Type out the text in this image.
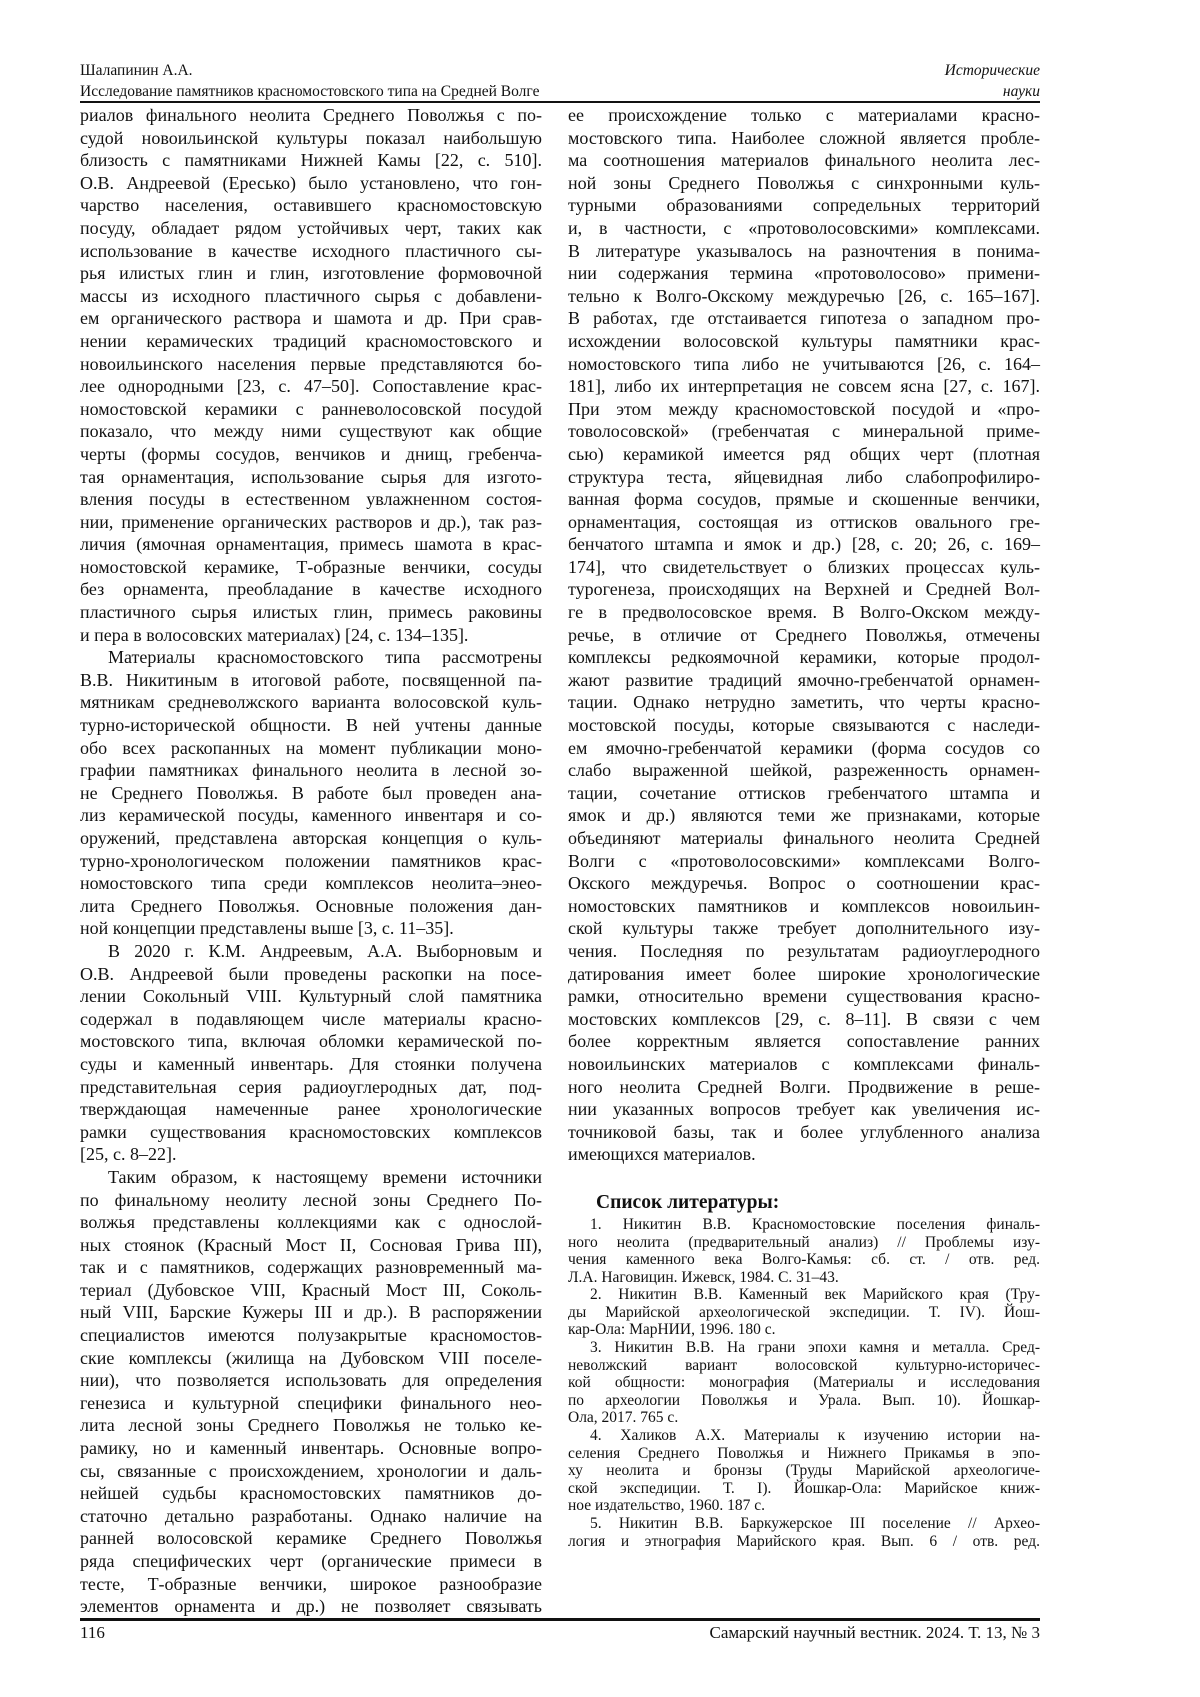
Шалапинин А.А.
Исследование памятников красномостовского типа на Средней Волге
Исторические
науки
риалов финального неолита Среднего Поволжья с по-
судой новоильинской культуры показал наибольшую
близость с памятниками Нижней Камы [22, с. 510].
О.В. Андреевой (Ересько) было установлено, что гон-
чарство населения, оставившего красномостовскую
посуду, обладает рядом устойчивых черт, таких как
использование в качестве исходного пластичного сы-
рья илистых глин и глин, изготовление формовочной
массы из исходного пластичного сырья с добавлени-
ем органического раствора и шамота и др. При срав-
нении керамических традиций красномостовского и
новоильинского населения первые представляются бо-
лее однородными [23, с. 47–50]. Сопоставление крас-
номостовской керамики с ранневолосовской посудой
показало, что между ними существуют как общие
черты (формы сосудов, венчиков и днищ, гребенча-
тая орнаментация, использование сырья для изгото-
вления посуды в естественном увлажненном состоя-
нии, применение органических растворов и др.), так раз-
личия (ямочная орнаментация, примесь шамота в крас-
номостовской керамике, Т-образные венчики, сосуды
без орнамента, преобладание в качестве исходного
пластичного сырья илистых глин, примесь раковины
и пера в волосовских материалах) [24, с. 134–135].
Материалы красномостовского типа рассмотрены
В.В. Никитиным в итоговой работе, посвященной па-
мятникам средневолжского варианта волосовской куль-
турно-исторической общности. В ней учтены данные
обо всех раскопанных на момент публикации моно-
графии памятниках финального неолита в лесной зо-
не Среднего Поволжья. В работе был проведен ана-
лиз керамической посуды, каменного инвентаря и со-
оружений, представлена авторская концепция о куль-
турно-хронологическом положении памятников крас-
номостовского типа среди комплексов неолита–энео-
лита Среднего Поволжья. Основные положения дан-
ной концепции представлены выше [3, с. 11–35].
В 2020 г. К.М. Андреевым, А.А. Выборновым и
О.В. Андреевой были проведены раскопки на посе-
лении Сокольный VIII. Культурный слой памятника
содержал в подавляющем числе материалы красно-
мостовского типа, включая обломки керамической по-
суды и каменный инвентарь. Для стоянки получена
представительная серия радиоуглеродных дат, под-
тверждающая намеченные ранее хронологические
рамки существования красномостовских комплексов
[25, с. 8–22].
Таким образом, к настоящему времени источники
по финальному неолиту лесной зоны Среднего По-
волжья представлены коллекциями как с однослой-
ных стоянок (Красный Мост II, Сосновая Грива III),
так и с памятников, содержащих разновременный ма-
териал (Дубовское VIII, Красный Мост III, Соколь-
ный VIII, Барские Кужеры III и др.). В распоряжении
специалистов имеются полузакрытые красномостов-
ские комплексы (жилища на Дубовском VIII поселе-
нии), что позволяется использовать для определения
генезиса и культурной специфики финального нео-
лита лесной зоны Среднего Поволжья не только ке-
рамику, но и каменный инвентарь. Основные вопро-
сы, связанные с происхождением, хронологии и даль-
нейшей судьбы красномостовских памятников до-
статочно детально разработаны. Однако наличие на
ранней волосовской керамике Среднего Поволжья
ряда специфических черт (органические примеси в
тесте, Т-образные венчики, широкое разнообразие
элементов орнамента и др.) не позволяет связывать
ее происхождение только с материалами красно-
мостовского типа. Наиболее сложной является пробле-
ма соотношения материалов финального неолита лес-
ной зоны Среднего Поволжья с синхронными куль-
турными образованиями сопредельных территорий
и, в частности, с «протоволосовскими» комплексами.
В литературе указывалось на разночтения в понима-
нии содержания термина «протоволосово» примени-
тельно к Волго-Окскому междуречью [26, с. 165–167].
В работах, где отстаивается гипотеза о западном про-
исхождении волосовской культуры памятники крас-
номостовского типа либо не учитываются [26, с. 164–
181], либо их интерпретация не совсем ясна [27, с. 167].
При этом между красномостовской посудой и «про-
товолосовской» (гребенчатая с минеральной приме-
сью) керамикой имеется ряд общих черт (плотная
структура теста, яйцевидная либо слабопрофилиро-
ванная форма сосудов, прямые и скошенные венчики,
орнаментация, состоящая из оттисков овального гре-
бенчатого штампа и ямок и др.) [28, с. 20; 26, с. 169–
174], что свидетельствует о близких процессах куль-
турогенеза, происходящих на Верхней и Средней Вол-
ге в предволосовское время. В Волго-Окском между-
речье, в отличие от Среднего Поволжья, отмечены
комплексы редкоямочной керамики, которые продол-
жают развитие традиций ямочно-гребенчатой орнамен-
тации. Однако нетрудно заметить, что черты красно-
мостовской посуды, которые связываются с наследи-
ем ямочно-гребенчатой керамики (форма сосудов со
слабо выраженной шейкой, разреженность орнамен-
тации, сочетание оттисков гребенчатого штампа и
ямок и др.) являются теми же признаками, которые
объединяют материалы финального неолита Средней
Волги с «протоволосовскими» комплексами Волго-
Окского междуречья. Вопрос о соотношении крас-
номостовских памятников и комплексов новоильин-
ской культуры также требует дополнительного изу-
чения. Последняя по результатам радиоуглеродного
датирования имеет более широкие хронологические
рамки, относительно времени существования красно-
мостовских комплексов [29, с. 8–11]. В связи с чем
более корректным является сопоставление ранних
новоильинских материалов с комплексами финаль-
ного неолита Средней Волги. Продвижение в реше-
нии указанных вопросов требует как увеличения ис-
точниковой базы, так и более углубленного анализа
имеющихся материалов.
Список литературы:
1. Никитин В.В. Красномостовские поселения финаль-
ного неолита (предварительный анализ) // Проблемы изу-
чения каменного века Волго-Камья: сб. ст. / отв. ред.
Л.А. Наговицин. Ижевск, 1984. С. 31–43.
2. Никитин В.В. Каменный век Марийского края (Тру-
ды Марийской археологической экспедиции. Т. IV). Йош-
кар-Ола: МарНИИ, 1996. 180 с.
3. Никитин В.В. На грани эпохи камня и металла. Сред-
неволжский вариант волосовской культурно-историчес-
кой общности: монография (Материалы и исследования
по археологии Поволжья и Урала. Вып. 10). Йошкар-
Ола, 2017. 765 с.
4. Халиков А.Х. Материалы к изучению истории на-
селения Среднего Поволжья и Нижнего Прикамья в эпо-
ху неолита и бронзы (Труды Марийской археологиче-
ской экспедиции. Т. I). Йошкар-Ола: Марийское книж-
ное издательство, 1960. 187 с.
5. Никитин В.В. Баркужерское III поселение // Архео-
логия и этнография Марийского края. Вып. 6 / отв. ред.
116	Самарский научный вестник. 2024. Т. 13, № 3
